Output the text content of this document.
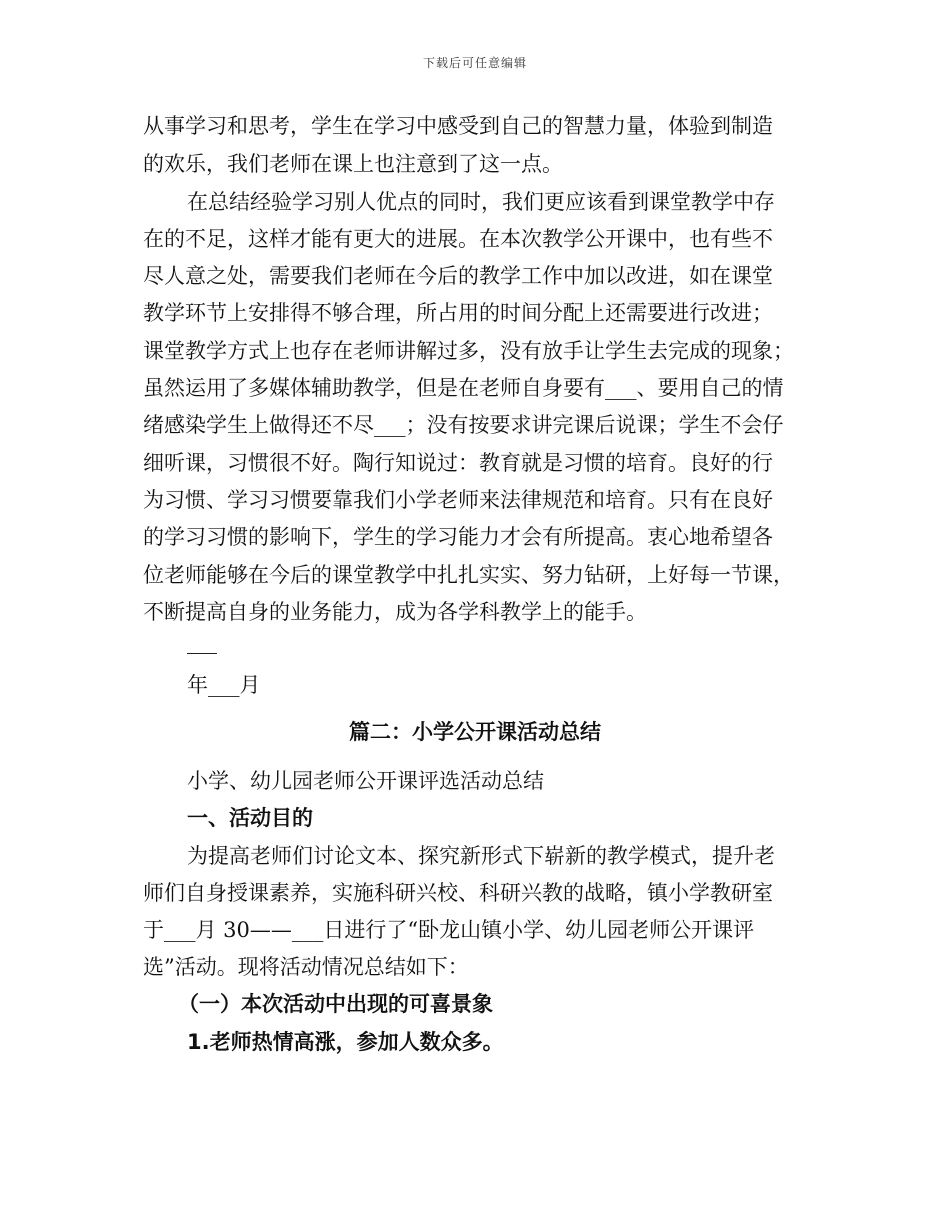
下载后可任意编辑
从事学习和思考，学生在学习中感受到自己的智慧力量，体验到制造
的欢乐，我们老师在课上也注意到了这一点。
在总结经验学习别人优点的同时，我们更应该看到课堂教学中存
在的不足，这样才能有更大的进展。在本次教学公开课中，也有些不
尽人意之处，需要我们老师在今后的教学工作中加以改进，如在课堂
教学环节上安排得不够合理，所占用的时间分配上还需要进行改进；
课堂教学方式上也存在老师讲解过多，没有放手让学生去完成的现象；
虽然运用了多媒体辅助教学，但是在老师自身要有___、要用自己的情
绪感染学生上做得还不尽___；没有按要求讲完课后说课；学生不会仔
细听课，习惯很不好。陶行知说过：教育就是习惯的培育。良好的行
为习惯、学习习惯要靠我们小学老师来法律规范和培育。只有在良好
的学习习惯的影响下，学生的学习能力才会有所提高。衷心地希望各
位老师能够在今后的课堂教学中扎扎实实、努力钻研，上好每一节课，
不断提高自身的业务能力，成为各学科教学上的能手。
年___月
篇二：小学公开课活动总结
小学、幼儿园老师公开课评选活动总结
一、活动目的
为提高老师们讨论文本、探究新形式下崭新的教学模式，提升老
师们自身授课素养，实施科研兴校、科研兴教的战略，镇小学教研室
于___月 30——___日进行了“卧龙山镇小学、幼儿园老师公开课评
选”活动。现将活动情况总结如下：
（一）本次活动中出现的可喜景象
1.老师热情高涨，参加人数众多。
